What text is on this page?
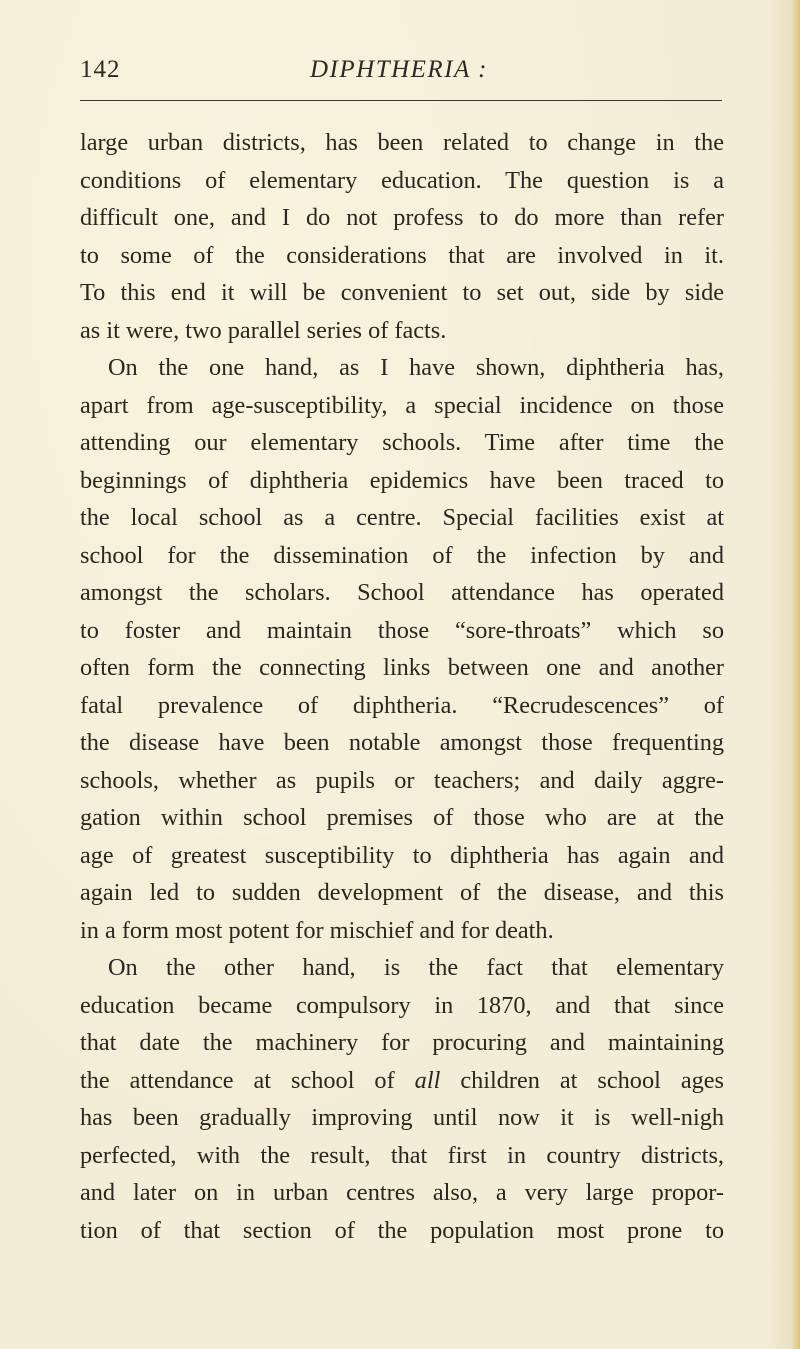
142	DIPHTHERIA :
large urban districts, has been related to change in the
conditions of elementary education. The question is a
difficult one, and I do not profess to do more than refer
to some of the considerations that are involved in it.
To this end it will be convenient to set out, side by side
as it were, two parallel series of facts.
On the one hand, as I have shown, diphtheria has,
apart from age-susceptibility, a special incidence on those
attending our elementary schools. Time after time the
beginnings of diphtheria epidemics have been traced to
the local school as a centre. Special facilities exist at
school for the dissemination of the infection by and
amongst the scholars. School attendance has operated
to foster and maintain those “sore-throats” which so
often form the connecting links between one and another
fatal prevalence of diphtheria. “Recrudescences” of
the disease have been notable amongst those frequenting
schools, whether as pupils or teachers; and daily aggre-
gation within school premises of those who are at the
age of greatest susceptibility to diphtheria has again and
again led to sudden development of the disease, and this
in a form most potent for mischief and for death.
On the other hand, is the fact that elementary
education became compulsory in 1870, and that since
that date the machinery for procuring and maintaining
the attendance at school of all children at school ages
has been gradually improving until now it is well-nigh
perfected, with the result, that first in country districts,
and later on in urban centres also, a very large propor-
tion of that section of the population most prone to
